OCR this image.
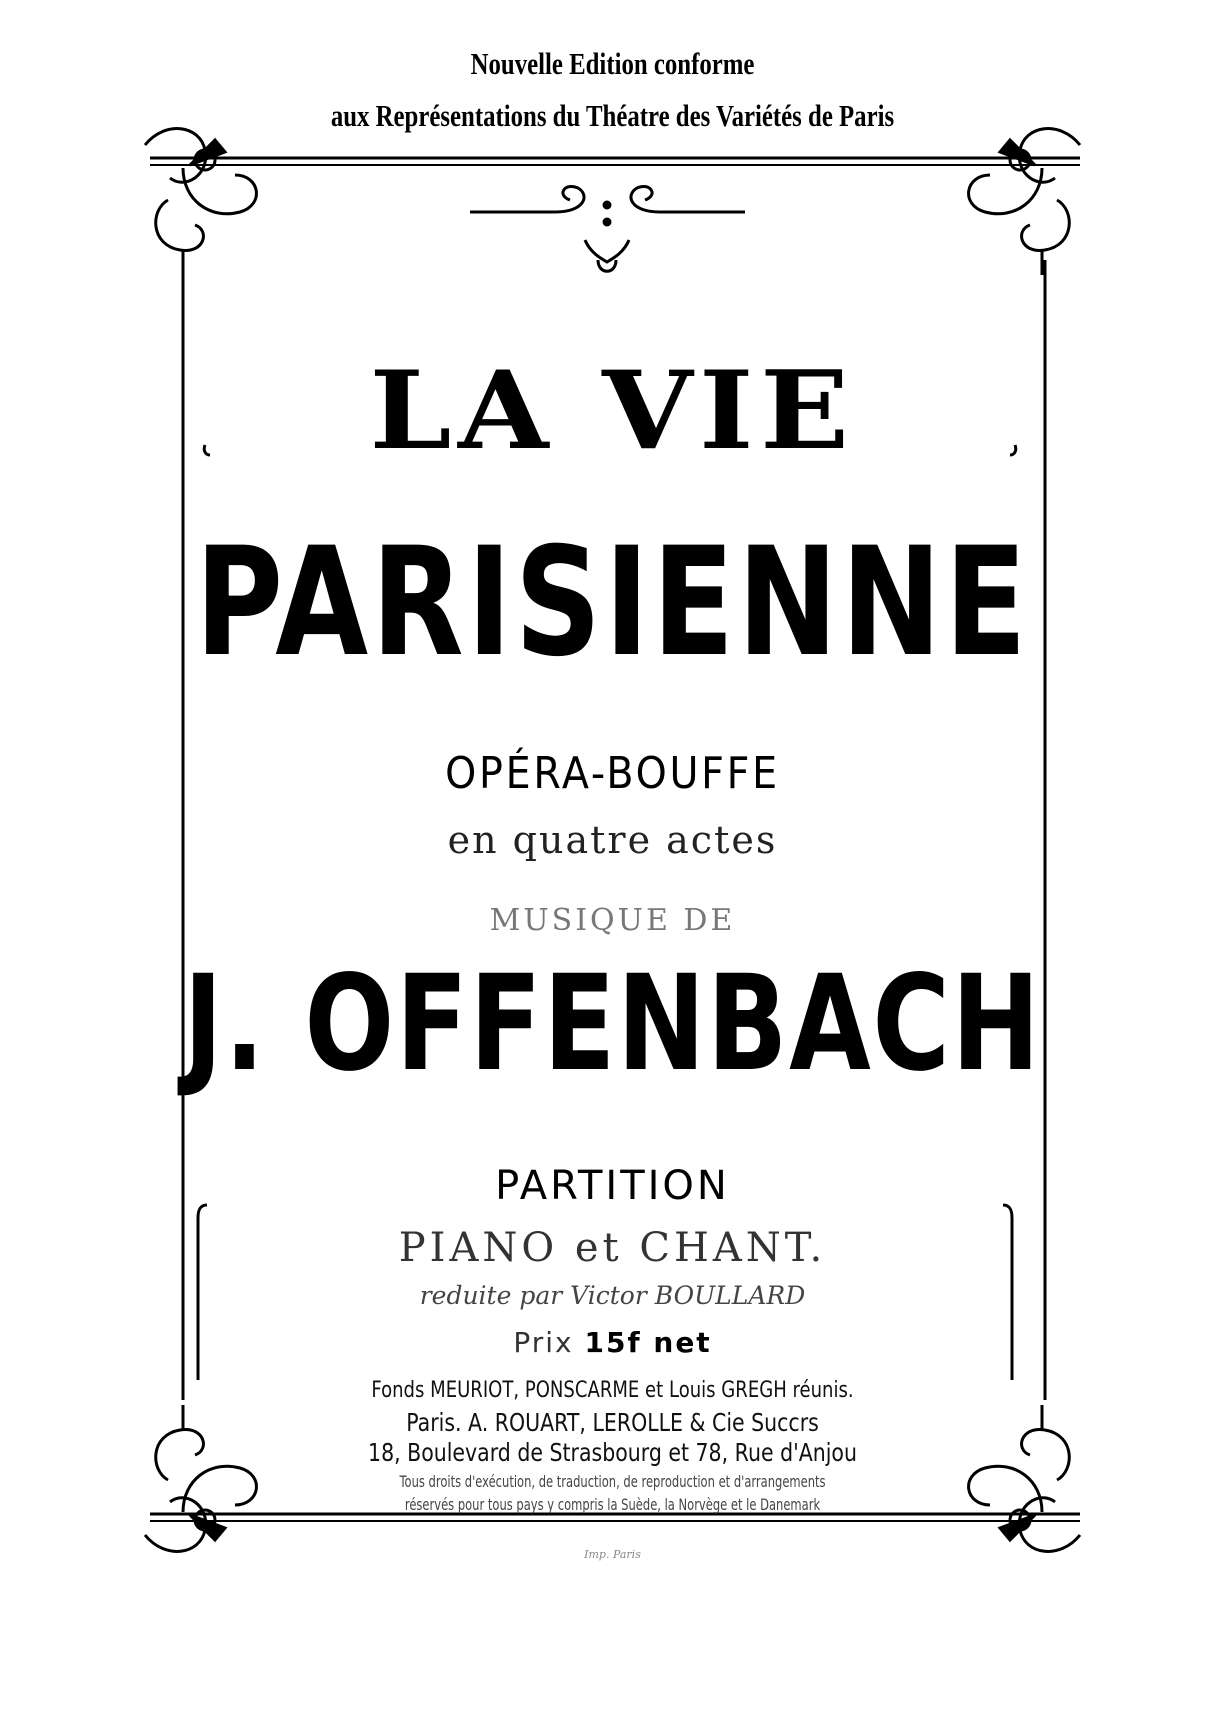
Nouvelle Edition conforme
aux Représentations du Théatre des Variétés de Paris
LA VIE
PARISIENNE
OPÉRA-BOUFFE
en quatre actes
MUSIQUE DE
J. OFFENBACH
PARTITION
PIANO et CHANT.
reduite par Victor BOULLARD
Prix 15f net
Fonds MEURIOT, PONSCARME et Louis GREGH réunis.
Paris. A. ROUART, LEROLLE & Cie Succrs
18, Boulevard de Strasbourg et 78, Rue d'Anjou
Tous droits d'exécution, de traduction, de reproduction et d'arrangements
réservés pour tous pays y compris la Suède, la Norvège et le Danemark
Imp. Paris
